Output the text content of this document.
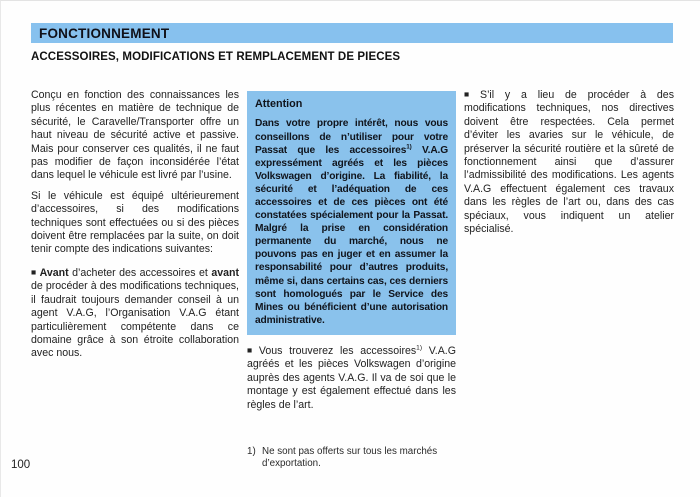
FONCTIONNEMENT
ACCESSOIRES, MODIFICATIONS ET REMPLACEMENT DE PIECES

Conçu en fonction des connaissances les plus récentes en matière de technique de sécurité, le Caravelle/Transporter offre un haut niveau de sécurité active et passive. Mais pour conserver ces qualités, il ne faut pas modifier de façon inconsidérée l’état dans lequel le véhicule est livré par l’usine.

Si le véhicule est équipé ultérieurement d’accessoires, si des modifications techniques sont effectuées ou si des pièces doivent être remplacées par la suite, on doit tenir compte des indications suivantes:

■ Avant d’acheter des accessoires et avant de procéder à des modifications techniques, il faudrait toujours demander conseil à un agent V.A.G, l’Organisation V.A.G étant particulièrement compétente dans ce domaine grâce à son étroite collaboration avec nous.

Attention

Dans votre propre intérêt, nous vous conseillons de n’utiliser pour votre Passat que les accessoires$^{1)}$ V.A.G expressément agréés et les pièces Volkswagen d’origine. La fiabilité, la sécurité et l’adéquation de ces accessoires et de ces pièces ont été constatées spécialement pour la Passat. Malgré la prise en considération permanente du marché, nous ne pouvons pas en juger et en assumer la responsabilité pour d’autres produits, même si, dans certains cas, ces derniers sont homologués par le Service des Mines ou bénéficient d’une autorisation administrative.

■ Vous trouverez les accessoires$^{1)}$ V.A.G agréés et les pièces Volkswagen d’origine auprès des agents V.A.G. Il va de soi que le montage y est également effectué dans les règles de l’art.

■ S’il y a lieu de procéder à des modifications techniques, nos directives doivent être respectées. Cela permet d’éviter les avaries sur le véhicule, de préserver la sécurité routière et la sûreté de fonctionnement ainsi que d’assurer l’admissibilité des modifications. Les agents V.A.G effectuent également ces travaux dans les règles de l’art ou, dans des cas spéciaux, vous indiquent un atelier spécialisé.

1) Ne sont pas offerts sur tous les marchés d’exportation.
100
